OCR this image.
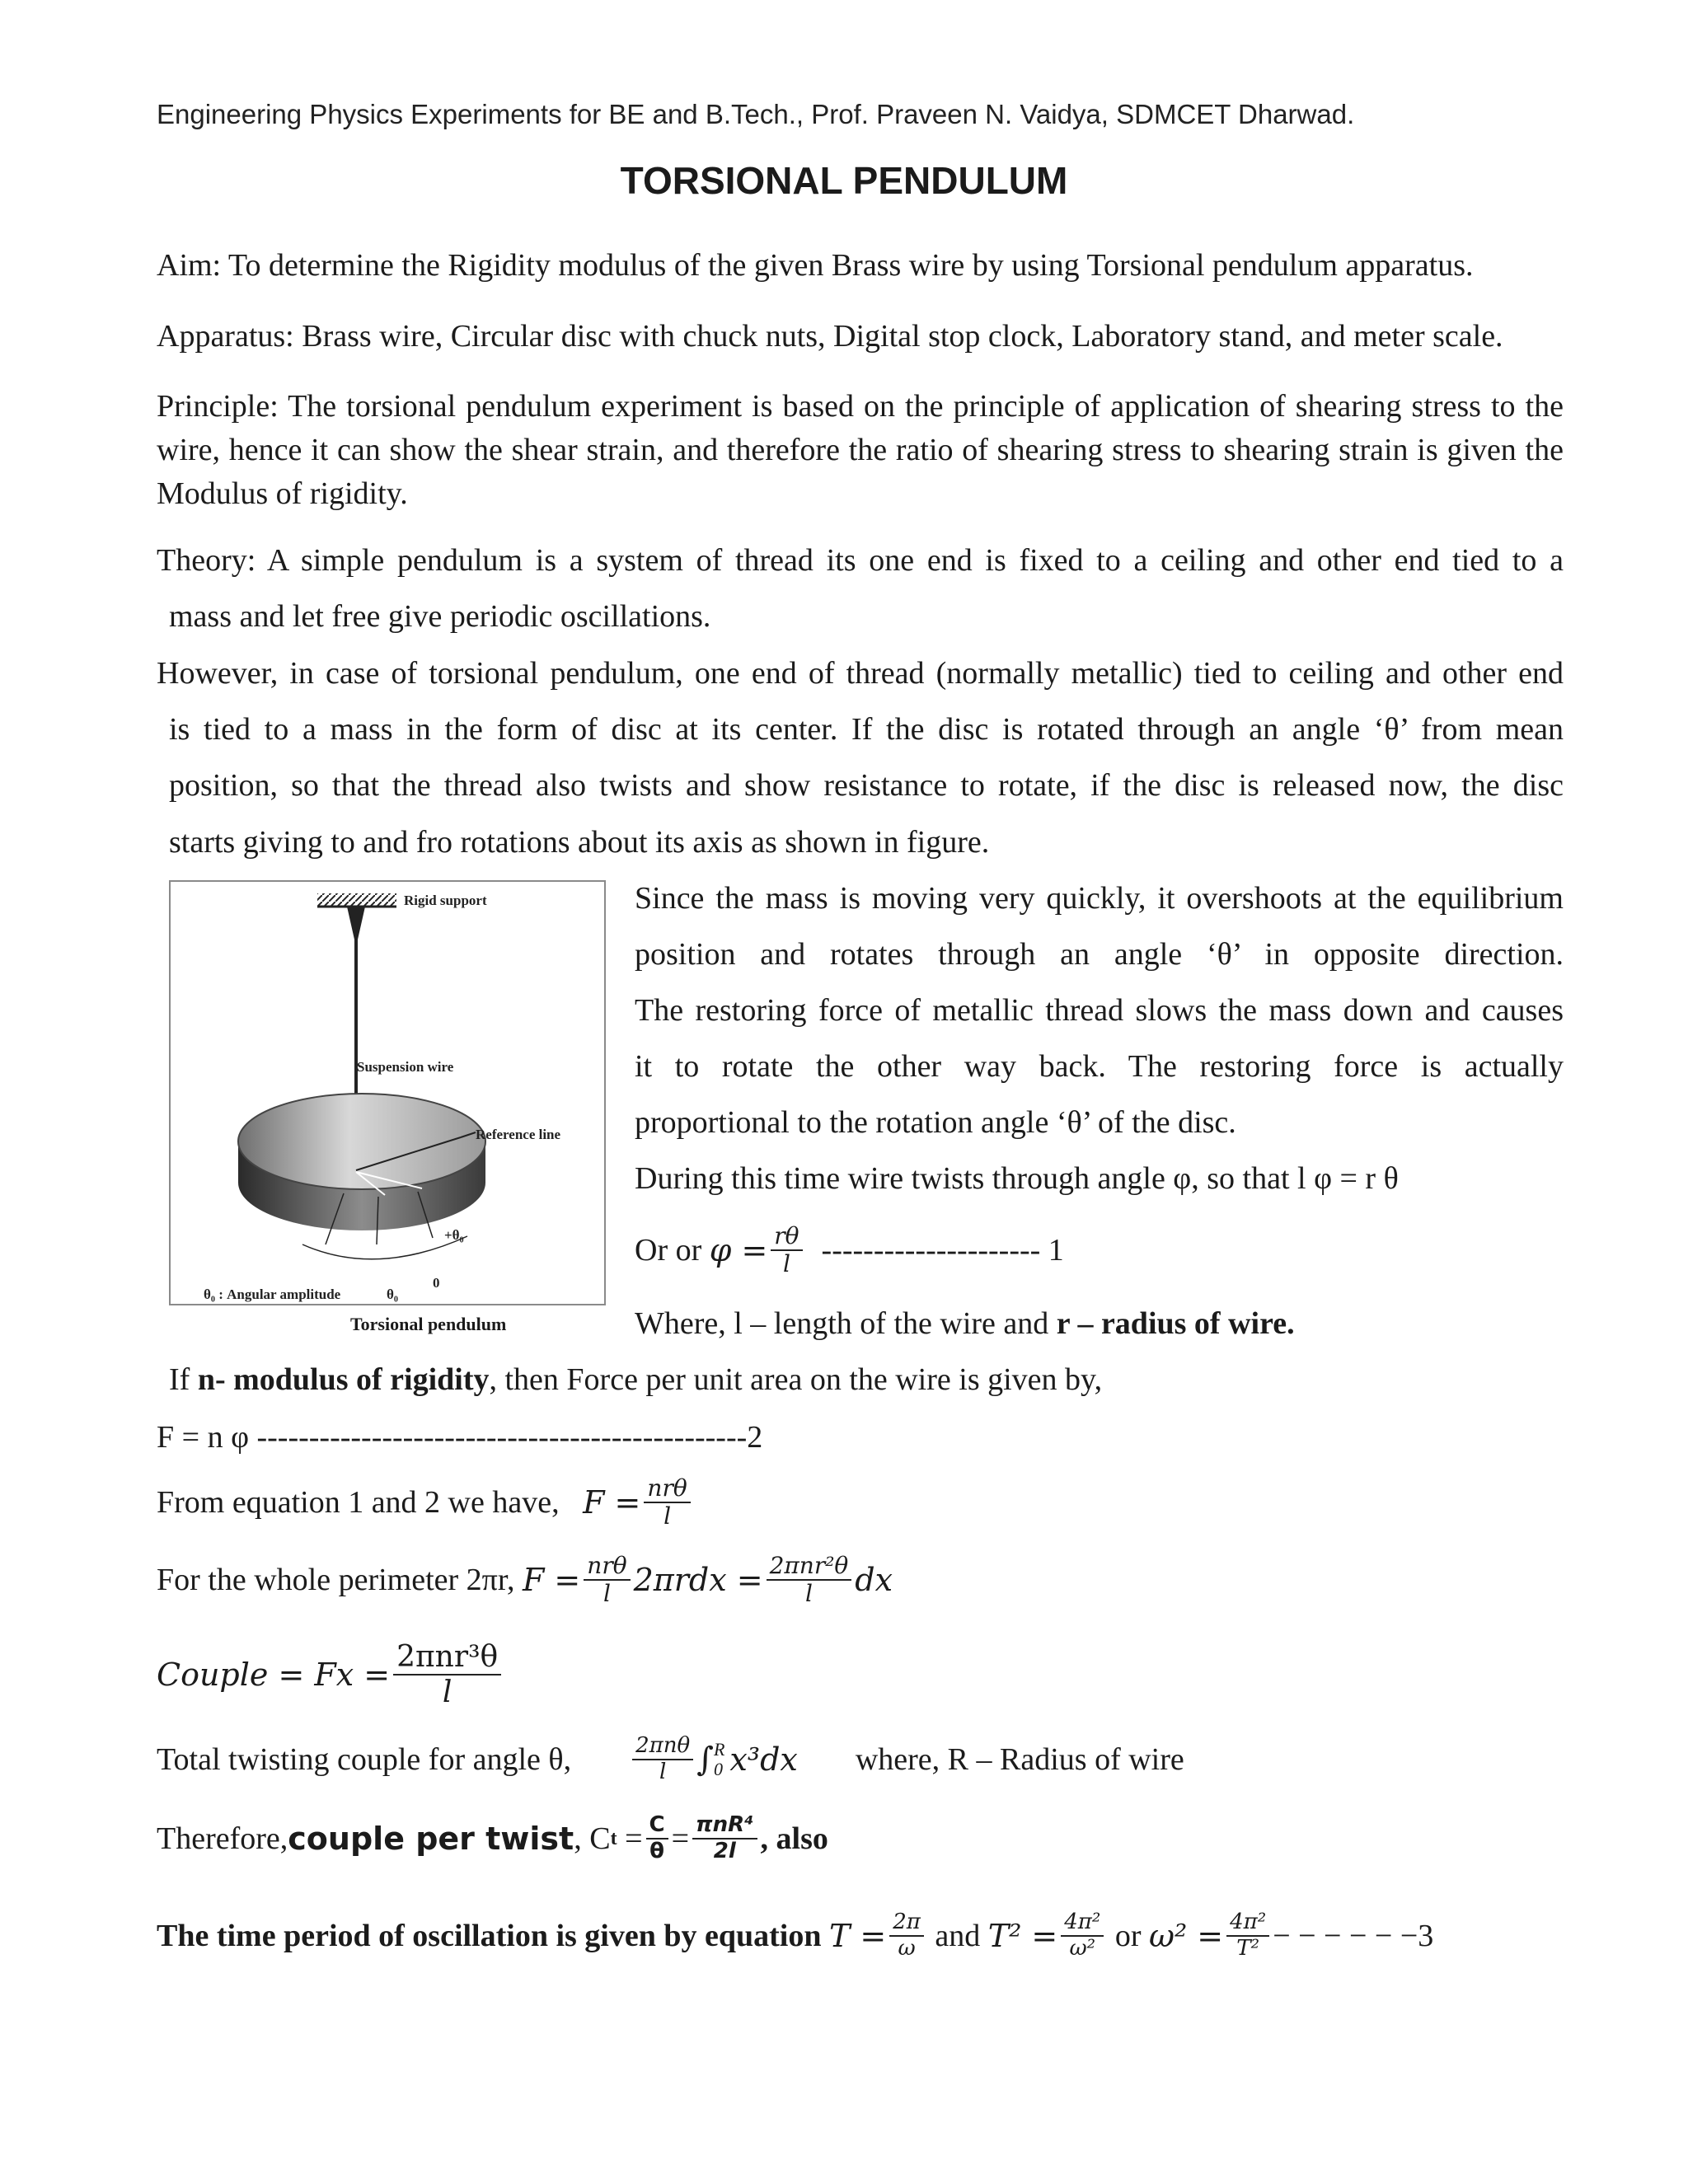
Engineering Physics Experiments for BE and B.Tech., Prof. Praveen N. Vaidya, SDMCET Dharwad.
TORSIONAL PENDULUM
Aim: To determine the Rigidity modulus of the given Brass wire by using Torsional pendulum apparatus.
Apparatus: Brass wire, Circular disc with chuck nuts, Digital stop clock, Laboratory stand, and meter scale.
Principle: The torsional pendulum experiment is based on the principle of application of shearing stress to the wire, hence it can show the shear strain, and therefore the ratio of shearing stress to shearing strain is given the Modulus of rigidity.
Theory: A simple pendulum is a system of thread its one end is fixed to a ceiling and other end tied to a
mass and let free give periodic oscillations.
However, in case of torsional pendulum, one end of thread (normally metallic) tied to ceiling and other end
is tied to a mass in the form of disc at its center. If the disc is rotated through an angle ‘θ’ from mean
position, so that the thread also twists and show resistance to rotate, if the disc is released now, the disc
starts giving to and fro rotations about its axis as shown in figure.
Rigid support
Suspension wire
Reference line
+θ₀
0
θ₀
θ₀ : Angular amplitude
Torsional pendulum
Since the mass is moving very quickly, it overshoots at the equilibrium
position and rotates through an angle ‘θ’ in opposite direction.
The restoring force of metallic thread slows the mass down and causes
it to rotate the other way back. The restoring force is actually
proportional to the rotation angle ‘θ’ of the disc.
During this time wire twists through angle φ, so that l φ = r θ
Or or
$\varphi = \frac{r\theta}{l}$
--------------------- 1
Where, l – length of the wire and r – radius of wire.
If n- modulus of rigidity, then Force per unit area on the wire is given by,
F = n φ -----------------------------------------------2
From equation 1 and 2 we have,
$F = \frac{\text{nrθ}}{l}$
For the whole perimeter 2πr,
$F = \frac{\text{nrθ}}{l} 2\pi rdx = \frac{\text{2πnr²θ}}{l}$ dx
Couple = $Fx = \frac{\text{2πnr³θ}}{l}$
Total twisting couple for angle θ,	$\frac{\text{2πnθ}}{l}$ ∫ R
0 x³dx where, R – Radius of wire
Therefore, couple per twist , C t
= $\frac{C}{\theta} = \frac{\text{πnR⁴}}{2l}$ , also
The time period of oscillation is given by equation
$T = \frac{2\pi}{\omega}$
and
$T^2 = \frac{\text{4π²}}{\text{ω²}}$
or
$\omega^2 = \frac{\text{4π²}}{\text{T²}}$ − − − − − −3
